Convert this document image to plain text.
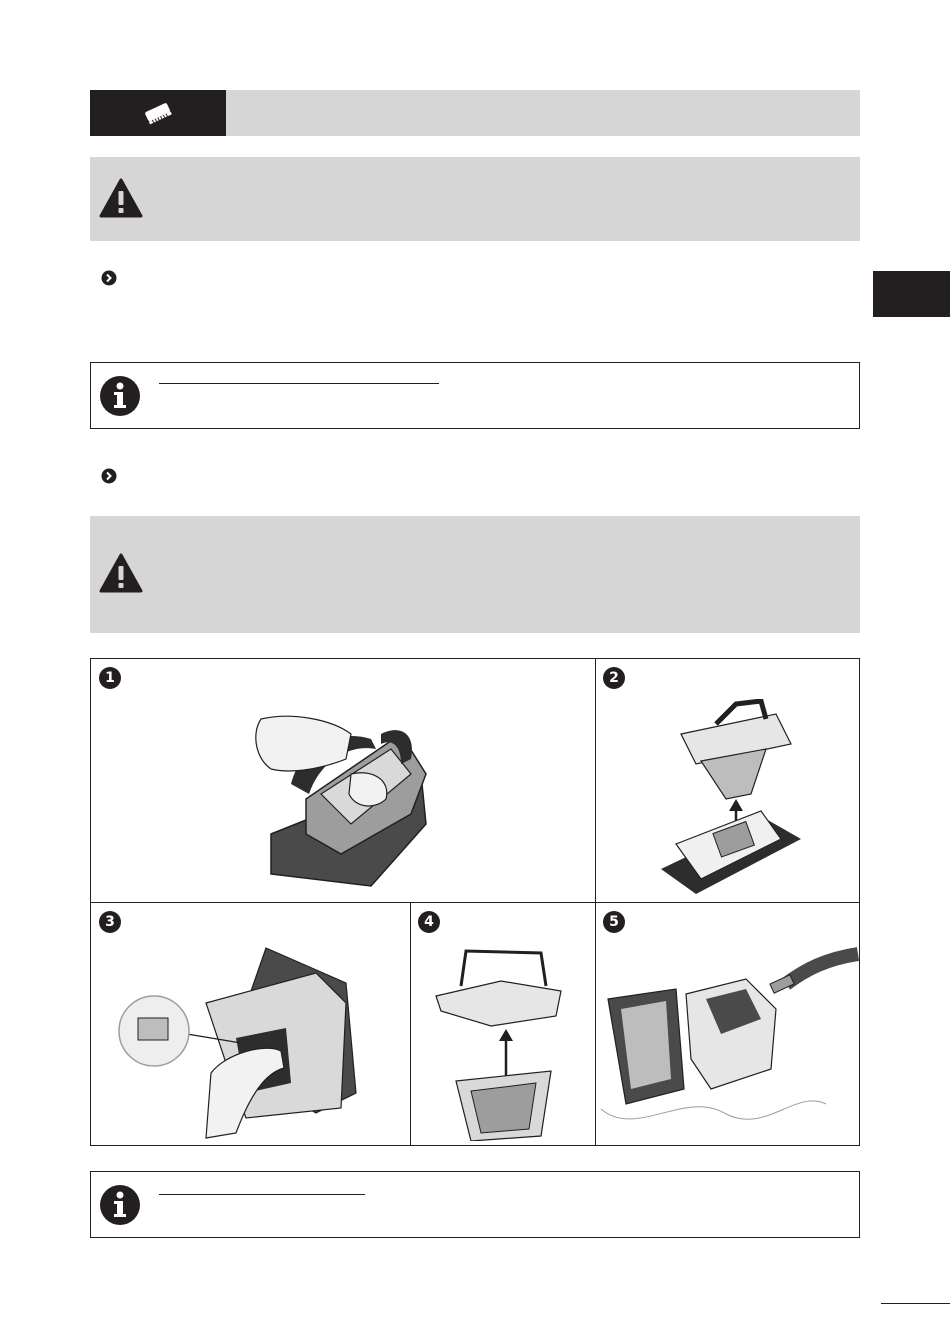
1	2
3	4	5
